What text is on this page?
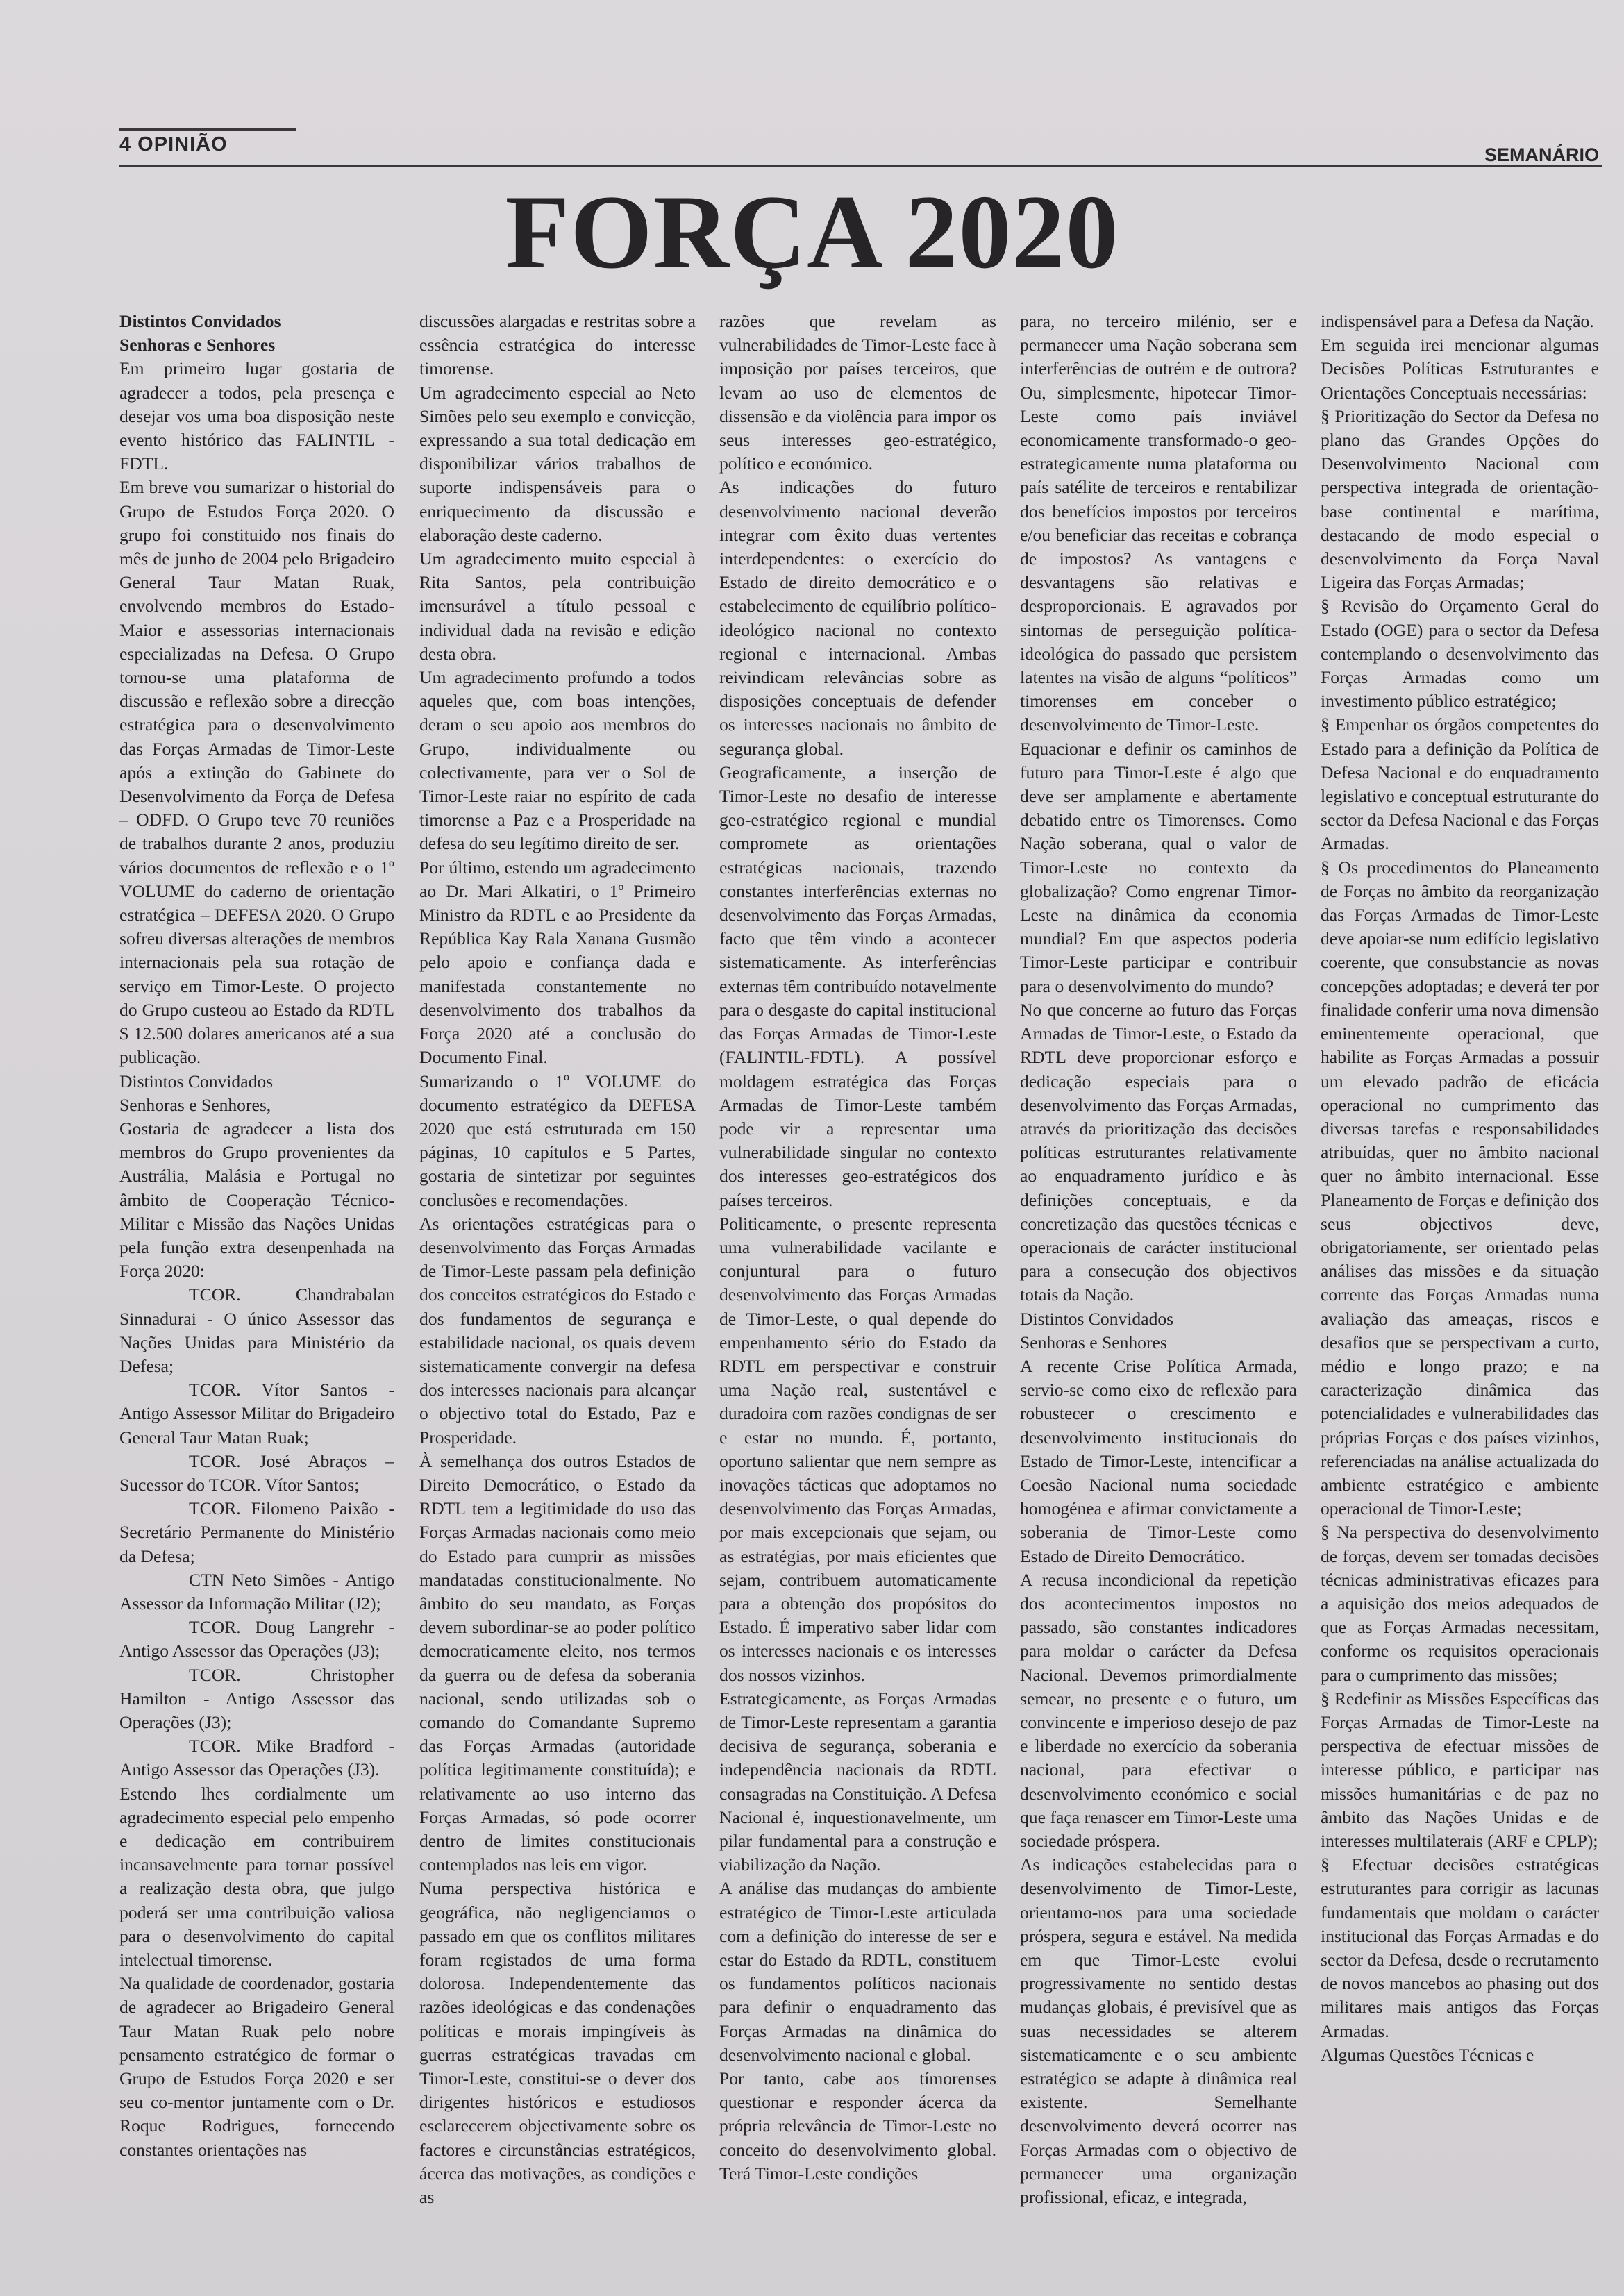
4 OPINIÃO	SEMANÁRIO
FORÇA 2020

Distintos Convidados

Senhoras e Senhores

Em primeiro lugar gostaria de agradecer a todos, pela presença e desejar vos uma boa disposição neste evento histórico das FALINTIL - FDTL.

Em breve vou sumarizar o historial do Grupo de Estudos Força 2020. O grupo foi constituido nos finais do mês de junho de 2004 pelo Brigadeiro General Taur Matan Ruak, envolvendo membros do Estado-Maior e assessorias internacionais especializadas na Defesa. O Grupo tornou-se uma plataforma de discussão e reflexão sobre a direcção estratégica para o desenvolvimento das Forças Armadas de Timor-Leste após a extinção do Gabinete do Desenvolvimento da Força de Defesa – ODFD. O Grupo teve 70 reuniões de trabalhos durante 2 anos, produziu vários documentos de reflexão e o 1º VOLUME do caderno de orientação estratégica – DEFESA 2020. O Grupo sofreu diversas alterações de membros internacionais pela sua rotação de serviço em Timor-Leste. O projecto do Grupo custeou ao Estado da RDTL $ 12.500 dolares americanos até a sua publicação.

Distintos Convidados

Senhoras e Senhores,

Gostaria de agradecer a lista dos membros do Grupo provenientes da Austrália, Malásia e Portugal no âmbito de Cooperação Técnico-Militar e Missão das Nações Unidas pela função extra desenpenhada na Força 2020:

TCOR. Chandrabalan Sinnadurai - O único Assessor das Nações Unidas para Ministério da Defesa;

TCOR. Vítor Santos - Antigo Assessor Militar do Brigadeiro General Taur Matan Ruak;

TCOR. José Abraços – Sucessor do TCOR. Vítor Santos;

TCOR. Filomeno Paixão - Secretário Permanente do Ministério da Defesa;

CTN Neto Simões - Antigo Assessor da Informação Militar (J2);

TCOR. Doug Langrehr - Antigo Assessor das Operações (J3);

TCOR. Christopher Hamilton - Antigo Assessor das Operações (J3);

TCOR. Mike Bradford - Antigo Assessor das Operações (J3).

Estendo lhes cordialmente um agradecimento especial pelo empenho e dedicação em contribuirem incansavelmente para tornar possível a realização desta obra, que julgo poderá ser uma contribuição valiosa para o desenvolvimento do capital intelectual timorense.

Na qualidade de coordenador, gostaria de agradecer ao Brigadeiro General Taur Matan Ruak pelo nobre pensamento estratégico de formar o Grupo de Estudos Força 2020 e ser seu co-mentor juntamente com o Dr. Roque Rodrigues, fornecendo constantes orientações nas

discussões alargadas e restritas sobre a essência estratégica do interesse timorense.

Um agradecimento especial ao Neto Simões pelo seu exemplo e convicção, expressando a sua total dedicação em disponibilizar vários trabalhos de suporte indispensáveis para o enriquecimento da discussão e elaboração deste caderno.

Um agradecimento muito especial à Rita Santos, pela contribuição imensurável a título pessoal e individual dada na revisão e edição desta obra.

Um agradecimento profundo a todos aqueles que, com boas intenções, deram o seu apoio aos membros do Grupo, individualmente ou colectivamente, para ver o Sol de Timor-Leste raiar no espírito de cada timorense a Paz e a Prosperidade na defesa do seu legítimo direito de ser.

Por último, estendo um agradecimento ao Dr. Mari Alkatiri, o 1º Primeiro Ministro da RDTL e ao Presidente da República Kay Rala Xanana Gusmão pelo apoio e confiança dada e manifestada constantemente no desenvolvimento dos trabalhos da Força 2020 até a conclusão do Documento Final.

Sumarizando o 1º VOLUME do documento estratégico da DEFESA 2020 que está estruturada em 150 páginas, 10 capítulos e 5 Partes, gostaria de sintetizar por seguintes conclusões e recomendações.

As orientações estratégicas para o desenvolvimento das Forças Armadas de Timor-Leste passam pela definição dos conceitos estratégicos do Estado e dos fundamentos de segurança e estabilidade nacional, os quais devem sistematicamente convergir na defesa dos interesses nacionais para alcançar o objectivo total do Estado, Paz e Prosperidade.

À semelhança dos outros Estados de Direito Democrático, o Estado da RDTL tem a legitimidade do uso das Forças Armadas nacionais como meio do Estado para cumprir as missões mandatadas constitucionalmente. No âmbito do seu mandato, as Forças devem subordinar-se ao poder político democraticamente eleito, nos termos da guerra ou de defesa da soberania nacional, sendo utilizadas sob o comando do Comandante Supremo das Forças Armadas (autoridade política legitimamente constituída); e relativamente ao uso interno das Forças Armadas, só pode ocorrer dentro de limites constitucionais contemplados nas leis em vigor.

Numa perspectiva histórica e geográfica, não negligenciamos o passado em que os conflitos militares foram registados de uma forma dolorosa. Independentemente das razões ideológicas e das condenações políticas e morais impingíveis às guerras estratégicas travadas em Timor-Leste, constitui-se o dever dos dirigentes históricos e estudiosos esclarecerem objectivamente sobre os factores e circunstâncias estratégicos, ácerca das motivações, as condições e as

razões que revelam as vulnerabilidades de Timor-Leste face à imposição por países terceiros, que levam ao uso de elementos de dissensão e da violência para impor os seus interesses geo-estratégico, político e económico.

As indicações do futuro desenvolvimento nacional deverão integrar com êxito duas vertentes interdependentes: o exercício do Estado de direito democrático e o estabelecimento de equilíbrio político-ideológico nacional no contexto regional e internacional. Ambas reivindicam relevâncias sobre as disposições conceptuais de defender os interesses nacionais no âmbito de segurança global.

Geograficamente, a inserção de Timor-Leste no desafio de interesse geo-estratégico regional e mundial compromete as orientações estratégicas nacionais, trazendo constantes interferências externas no desenvolvimento das Forças Armadas, facto que têm vindo a acontecer sistematicamente. As interferências externas têm contribuído notavelmente para o desgaste do capital institucional das Forças Armadas de Timor-Leste (FALINTIL-FDTL). A possível moldagem estratégica das Forças Armadas de Timor-Leste também pode vir a representar uma vulnerabilidade singular no contexto dos interesses geo-estratégicos dos países terceiros.

Politicamente, o presente representa uma vulnerabilidade vacilante e conjuntural para o futuro desenvolvimento das Forças Armadas de Timor-Leste, o qual depende do empenhamento sério do Estado da RDTL em perspectivar e construir uma Nação real, sustentável e duradoira com razões condignas de ser e estar no mundo. É, portanto, oportuno salientar que nem sempre as inovações tácticas que adoptamos no desenvolvimento das Forças Armadas, por mais excepcionais que sejam, ou as estratégias, por mais eficientes que sejam, contribuem automaticamente para a obtenção dos propósitos do Estado. É imperativo saber lidar com os interesses nacionais e os interesses dos nossos vizinhos.

Estrategicamente, as Forças Armadas de Timor-Leste representam a garantia decisiva de segurança, soberania e independência nacionais da RDTL consagradas na Constituição. A Defesa Nacional é, inquestionavelmente, um pilar fundamental para a construção e viabilização da Nação.

A análise das mudanças do ambiente estratégico de Timor-Leste articulada com a definição do interesse de ser e estar do Estado da RDTL, constituem os fundamentos políticos nacionais para definir o enquadramento das Forças Armadas na dinâmica do desenvolvimento nacional e global.

Por tanto, cabe aos tímorenses questionar e responder ácerca da própria relevância de Timor-Leste no conceito do desenvolvimento global. Terá Timor-Leste condições

para, no terceiro milénio, ser e permanecer uma Nação soberana sem interferências de outrém e de outrora? Ou, simplesmente, hipotecar Timor-Leste como país inviável economicamente transformado-o geo-estrategicamente numa plataforma ou país satélite de terceiros e rentabilizar dos benefícios impostos por terceiros e/ou beneficiar das receitas e cobrança de impostos? As vantagens e desvantagens são relativas e desproporcionais. E agravados por sintomas de perseguição política-ideológica do passado que persistem latentes na visão de alguns “políticos” timorenses em conceber o desenvolvimento de Timor-Leste.

Equacionar e definir os caminhos de futuro para Timor-Leste é algo que deve ser amplamente e abertamente debatido entre os Timorenses. Como Nação soberana, qual o valor de Timor-Leste no contexto da globalização? Como engrenar Timor-Leste na dinâmica da economia mundial? Em que aspectos poderia Timor-Leste participar e contribuir para o desenvolvimento do mundo?

No que concerne ao futuro das Forças Armadas de Timor-Leste, o Estado da RDTL deve proporcionar esforço e dedicação especiais para o desenvolvimento das Forças Armadas, através da prioritização das decisões políticas estruturantes relativamente ao enquadramento jurídico e às definições conceptuais, e da concretização das questões técnicas e operacionais de carácter institucional para a consecução dos objectivos totais da Nação.

Distintos Convidados

Senhoras e Senhores

A recente Crise Política Armada, servio-se como eixo de reflexão para robustecer o crescimento e desenvolvimento institucionais do Estado de Timor-Leste, intencificar a Coesão Nacional numa sociedade homogénea e afirmar convictamente a soberania de Timor-Leste como Estado de Direito Democrático.

A recusa incondicional da repetição dos acontecimentos impostos no passado, são constantes indicadores para moldar o carácter da Defesa Nacional. Devemos primordialmente semear, no presente e o futuro, um convincente e imperioso desejo de paz e liberdade no exercício da soberania nacional, para efectivar o desenvolvimento económico e social que faça renascer em Timor-Leste uma sociedade próspera.

As indicações estabelecidas para o desenvolvimento de Timor-Leste, orientamo-nos para uma sociedade próspera, segura e estável. Na medida em que Timor-Leste evolui progressivamente no sentido destas mudanças globais, é previsível que as suas necessidades se alterem sistematicamente e o seu ambiente estratégico se adapte à dinâmica real existente. Semelhante desenvolvimento deverá ocorrer nas Forças Armadas com o objectivo de permanecer uma organização profissional, eficaz, e integrada,

indispensável para a Defesa da Nação.

Em seguida irei mencionar algumas Decisões Políticas Estruturantes e Orientações Conceptuais necessárias:

§ Prioritização do Sector da Defesa no plano das Grandes Opções do Desenvolvimento Nacional com perspectiva integrada de orientação-base continental e marítima, destacando de modo especial o desenvolvimento da Força Naval Ligeira das Forças Armadas;

§ Revisão do Orçamento Geral do Estado (OGE) para o sector da Defesa contemplando o desenvolvimento das Forças Armadas como um investimento público estratégico;

§ Empenhar os órgãos competentes do Estado para a definição da Política de Defesa Nacional e do enquadramento legislativo e conceptual estruturante do sector da Defesa Nacional e das Forças Armadas.

§ Os procedimentos do Planeamento de Forças no âmbito da reorganização das Forças Armadas de Timor-Leste deve apoiar-se num edifício legislativo coerente, que consubstancie as novas concepções adoptadas; e deverá ter por finalidade conferir uma nova dimensão eminentemente operacional, que habilite as Forças Armadas a possuir um elevado padrão de eficácia operacional no cumprimento das diversas tarefas e responsabilidades atribuídas, quer no âmbito nacional quer no âmbito internacional. Esse Planeamento de Forças e definição dos seus objectivos deve, obrigatoriamente, ser orientado pelas análises das missões e da situação corrente das Forças Armadas numa avaliação das ameaças, riscos e desafios que se perspectivam a curto, médio e longo prazo; e na caracterização dinâmica das potencialidades e vulnerabilidades das próprias Forças e dos países vizinhos, referenciadas na análise actualizada do ambiente estratégico e ambiente operacional de Timor-Leste;

§ Na perspectiva do desenvolvimento de forças, devem ser tomadas decisões técnicas administrativas eficazes para a aquisição dos meios adequados de que as Forças Armadas necessitam, conforme os requisitos operacionais para o cumprimento das missões;

§ Redefinir as Missões Específicas das Forças Armadas de Timor-Leste na perspectiva de efectuar missões de interesse público, e participar nas missões humanitárias e de paz no âmbito das Nações Unidas e de interesses multilaterais (ARF e CPLP);

§ Efectuar decisões estratégicas estruturantes para corrigir as lacunas fundamentais que moldam o carácter institucional das Forças Armadas e do sector da Defesa, desde o recrutamento de novos mancebos ao phasing out dos militares mais antigos das Forças Armadas.

Algumas Questões Técnicas e
